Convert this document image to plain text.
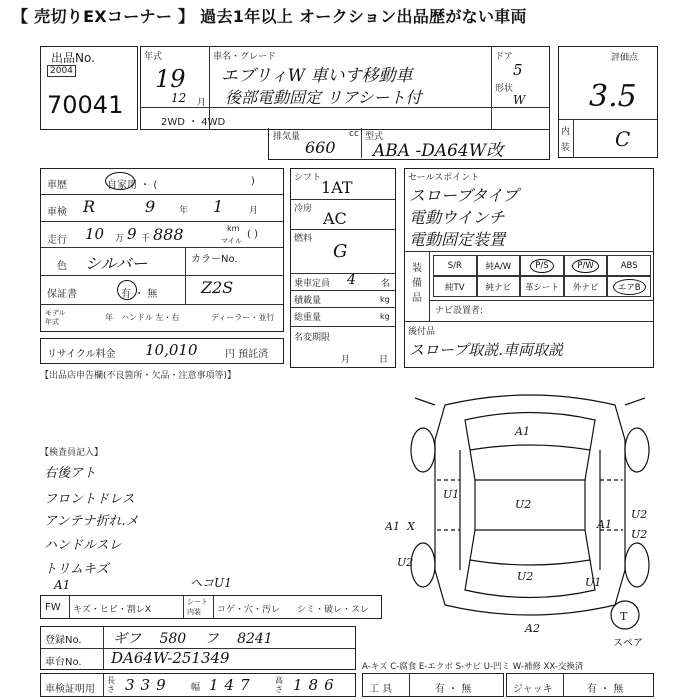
【 売切りEXコーナー 】 過去1年以上 オークション出品歴がない車両
出品No.
2004
70041
年式
19
12 月
車名・グレード
エブリィW 車いす移動車
後部電動固定 リアシート付
ドア
5
形状
W
2WD ・ 4WD
排気量	cc
660
型式
ABA -DA64W改
評価点
3.5
内
装 C
車歴	自家用 ・ (	)
車検 R	9	年 1	月
走行 10 万 9 千 888	km
マイル
( )
色 シルバー	カラーNo.
Z2S
保証書	有 ・ 無
モデル年式	年 ハンドル 左・右	ディーラー・並行
リサイクル料金 10,010	円 預託済
シフト 1AT
冷房 AC
燃料
G
乗車定員 4	名
積載量	kg
総重量	kg
名変期限
月	日
セールスポイント
スローブタイプ
電動ウインチ
電動固定装置
装備品
S/R	純A/W	P/S	P/W	ABS
純TV 純ナビ 革シート 外ナビ	エアB
ナビ設置者:
後付品
スロープ取説.車両取説
【出品店申告欄(不良箇所・欠品・注意事項等)】
【検査員記入】
右後アト
フロントドレス
アンテナ折れ.メ
ハンドルスレ
トリムキズ
A1	へコU1
A1
U1
U2
A1 X	A1
U2
U2
U2
U2	U1
A2
T
スペア
FW キズ・ヒビ・割レX
シート内装	コゲ・穴・汚レ シミ・破レ・スレ
登録No. ギフ 580 フ 8241
車台No. DA64W-251349	A-キズ C-腐食 E-エクボ S-サビ U-凹ミ W-補修 XX-交換済
車検証明用
長さ 339 幅 147 高さ 186	工 具	有 ・ 無	ジャッキ	有 ・ 無
